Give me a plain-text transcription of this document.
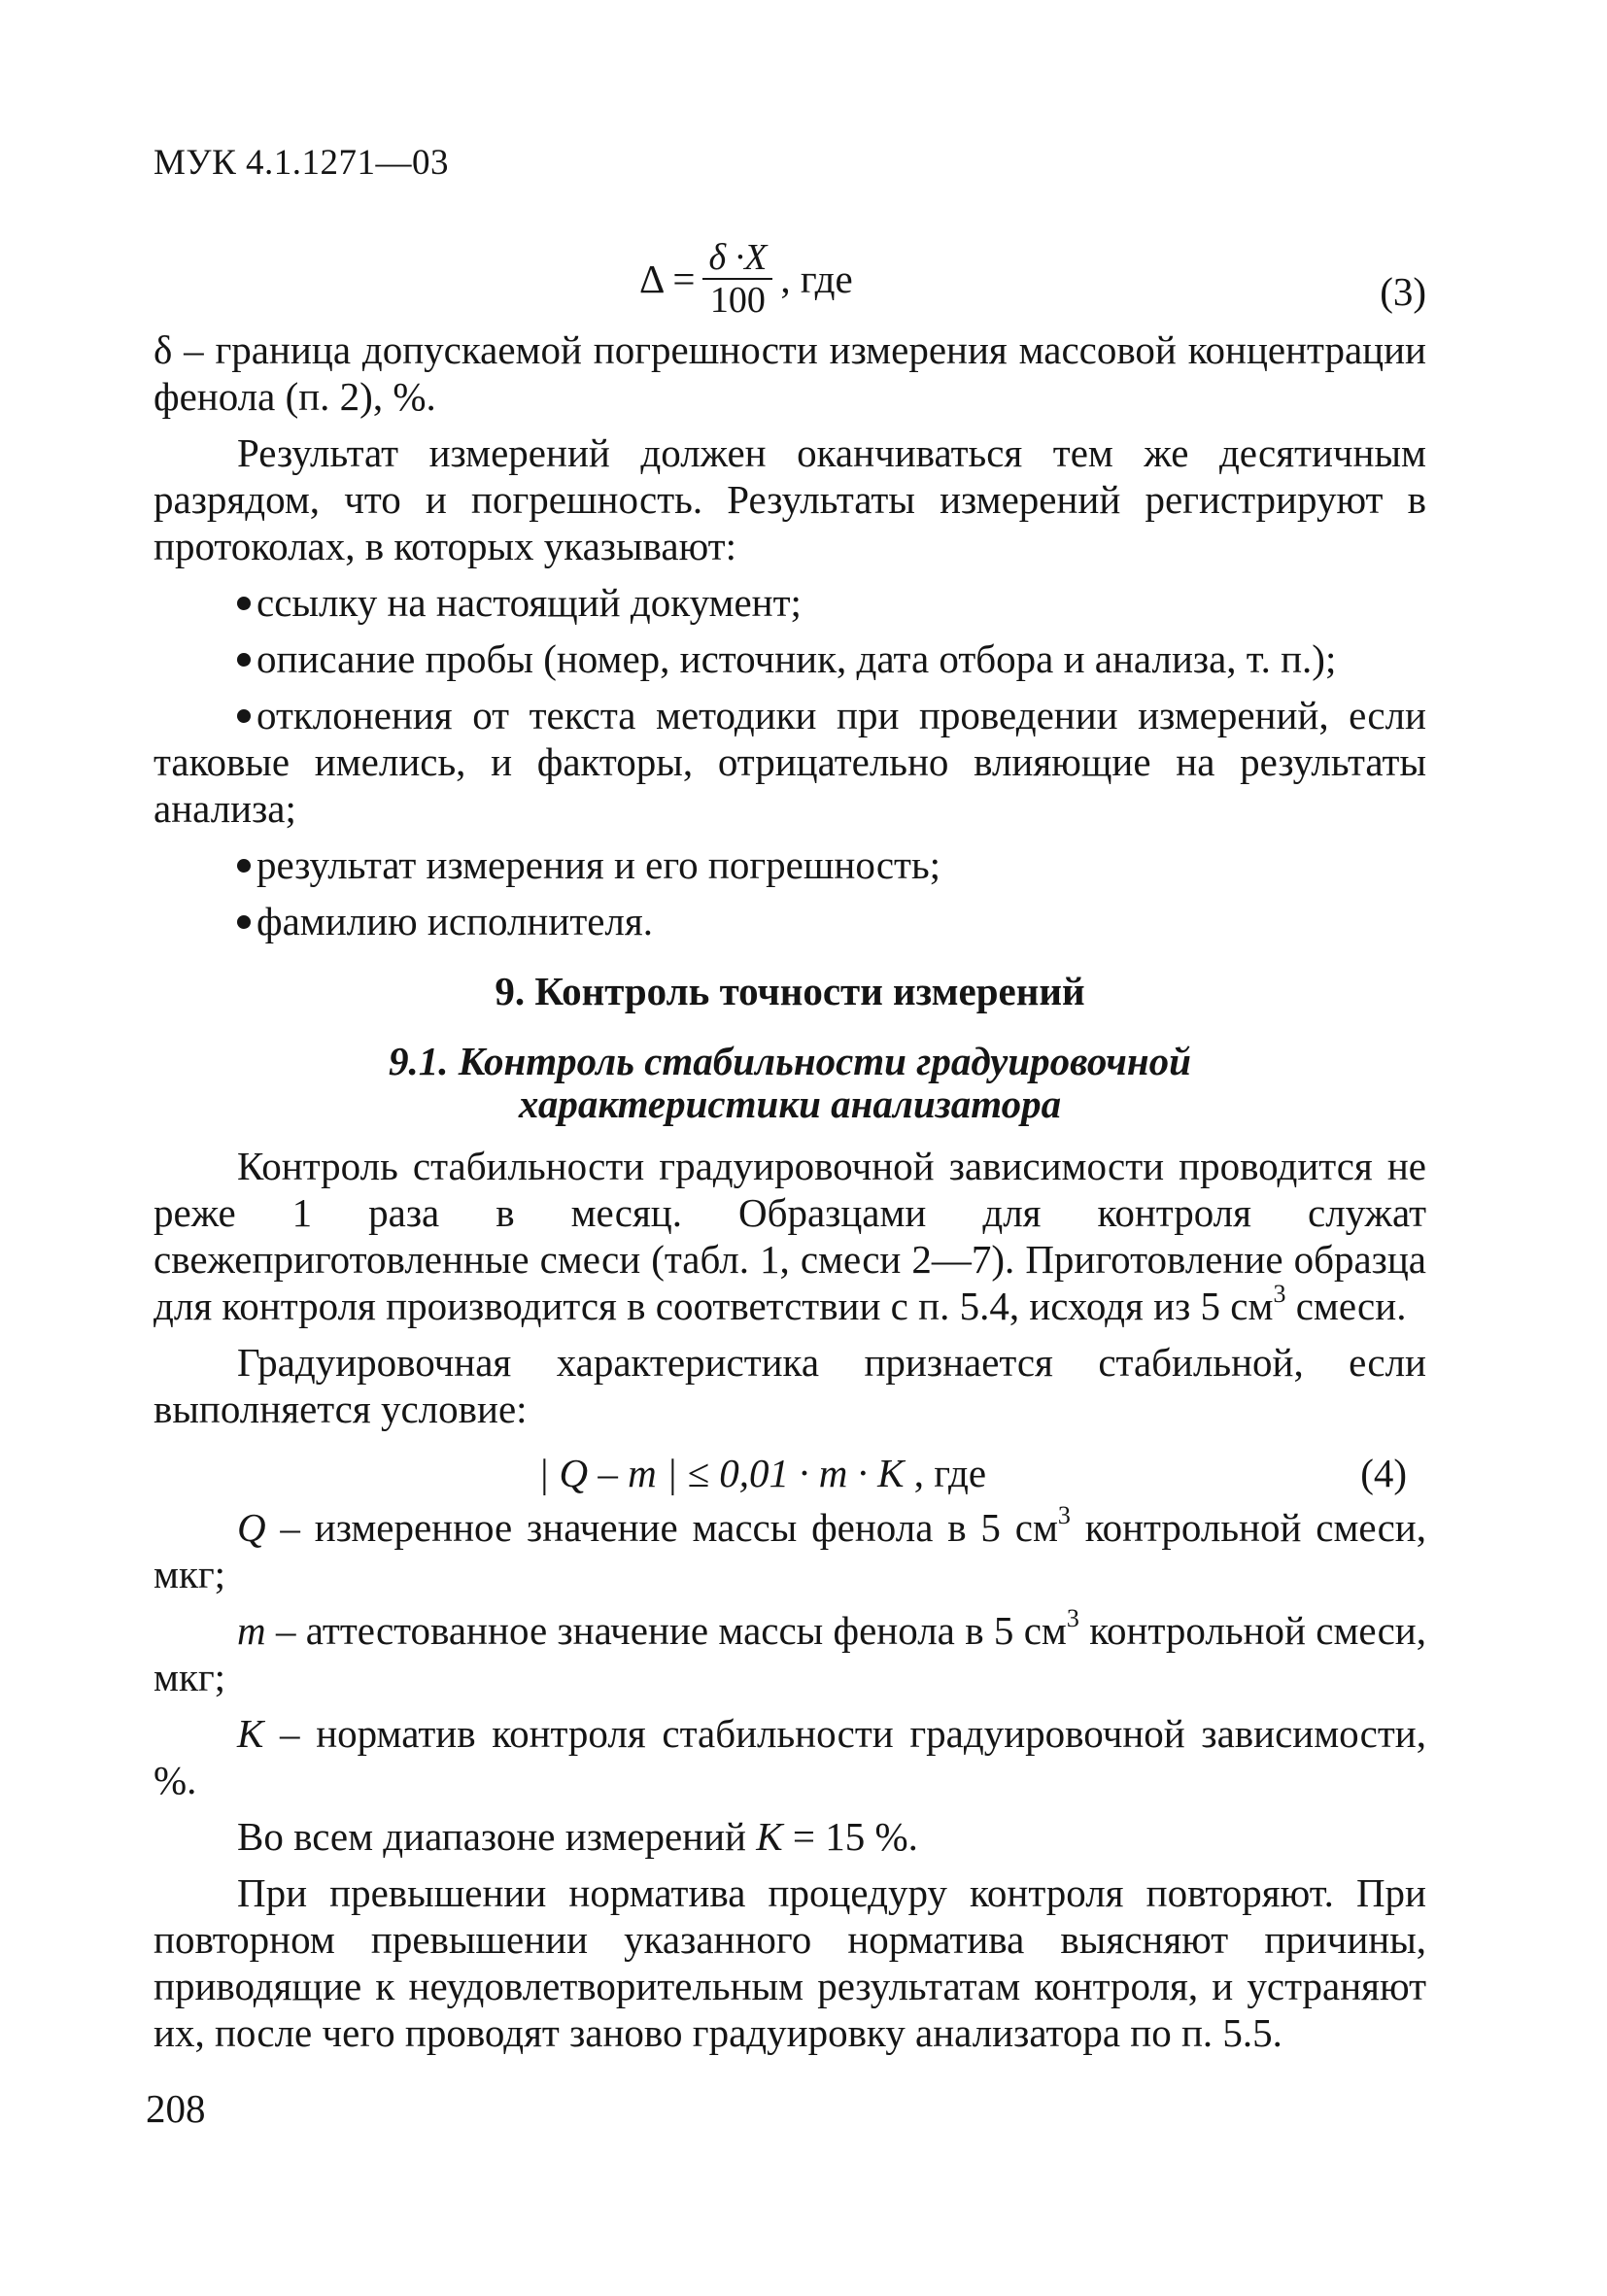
МУК 4.1.1271—03
$\Delta = \frac{\delta \cdot X}{100}$ , где	(3)

δ – граница допускаемой погрешности измерения массовой концентрации фенола (п. 2), %.

Результат измерений должен оканчиваться тем же десятичным разрядом, что и погрешность. Результаты измерений регистрируют в протоколах, в которых указывают:

ссылку на настоящий документ;

описание пробы (номер, источник, дата отбора и анализа, т. п.);

отклонения от текста методики при проведении измерений, если таковые имелись, и факторы, отрицательно влияющие на результаты анализа;

результат измерения и его погрешность;

фамилию исполнителя.

9. Контроль точности измерений
9.1. Контроль стабильности градуировочной
характеристики анализатора

Контроль стабильности градуировочной зависимости проводится не реже 1 раза в месяц. Образцами для контроля служат свежеприготовленные смеси (табл. 1, смеси 2—7). Приготовление образца для контроля производится в соответствии с п. 5.4, исходя из 5 $см^3$ смеси.

Градуировочная характеристика признается стабильной, если выполняется условие:

| Q – m | ≤ 0,01 · m · K , где	(4)

Q – измеренное значение массы фенола в 5 $см^3$ контрольной смеси, мкг;

m – аттестованное значение массы фенола в 5 $см^3$ контрольной смеси, мкг;

K – норматив контроля стабильности градуировочной зависимости, %.

Во всем диапазоне измерений K = 15 %.

При превышении норматива процедуру контроля повторяют. При повторном превышении указанного норматива выясняют причины, приводящие к неудовлетворительным результатам контроля, и устраняют их, после чего проводят заново градуировку анализатора по п. 5.5.

208
